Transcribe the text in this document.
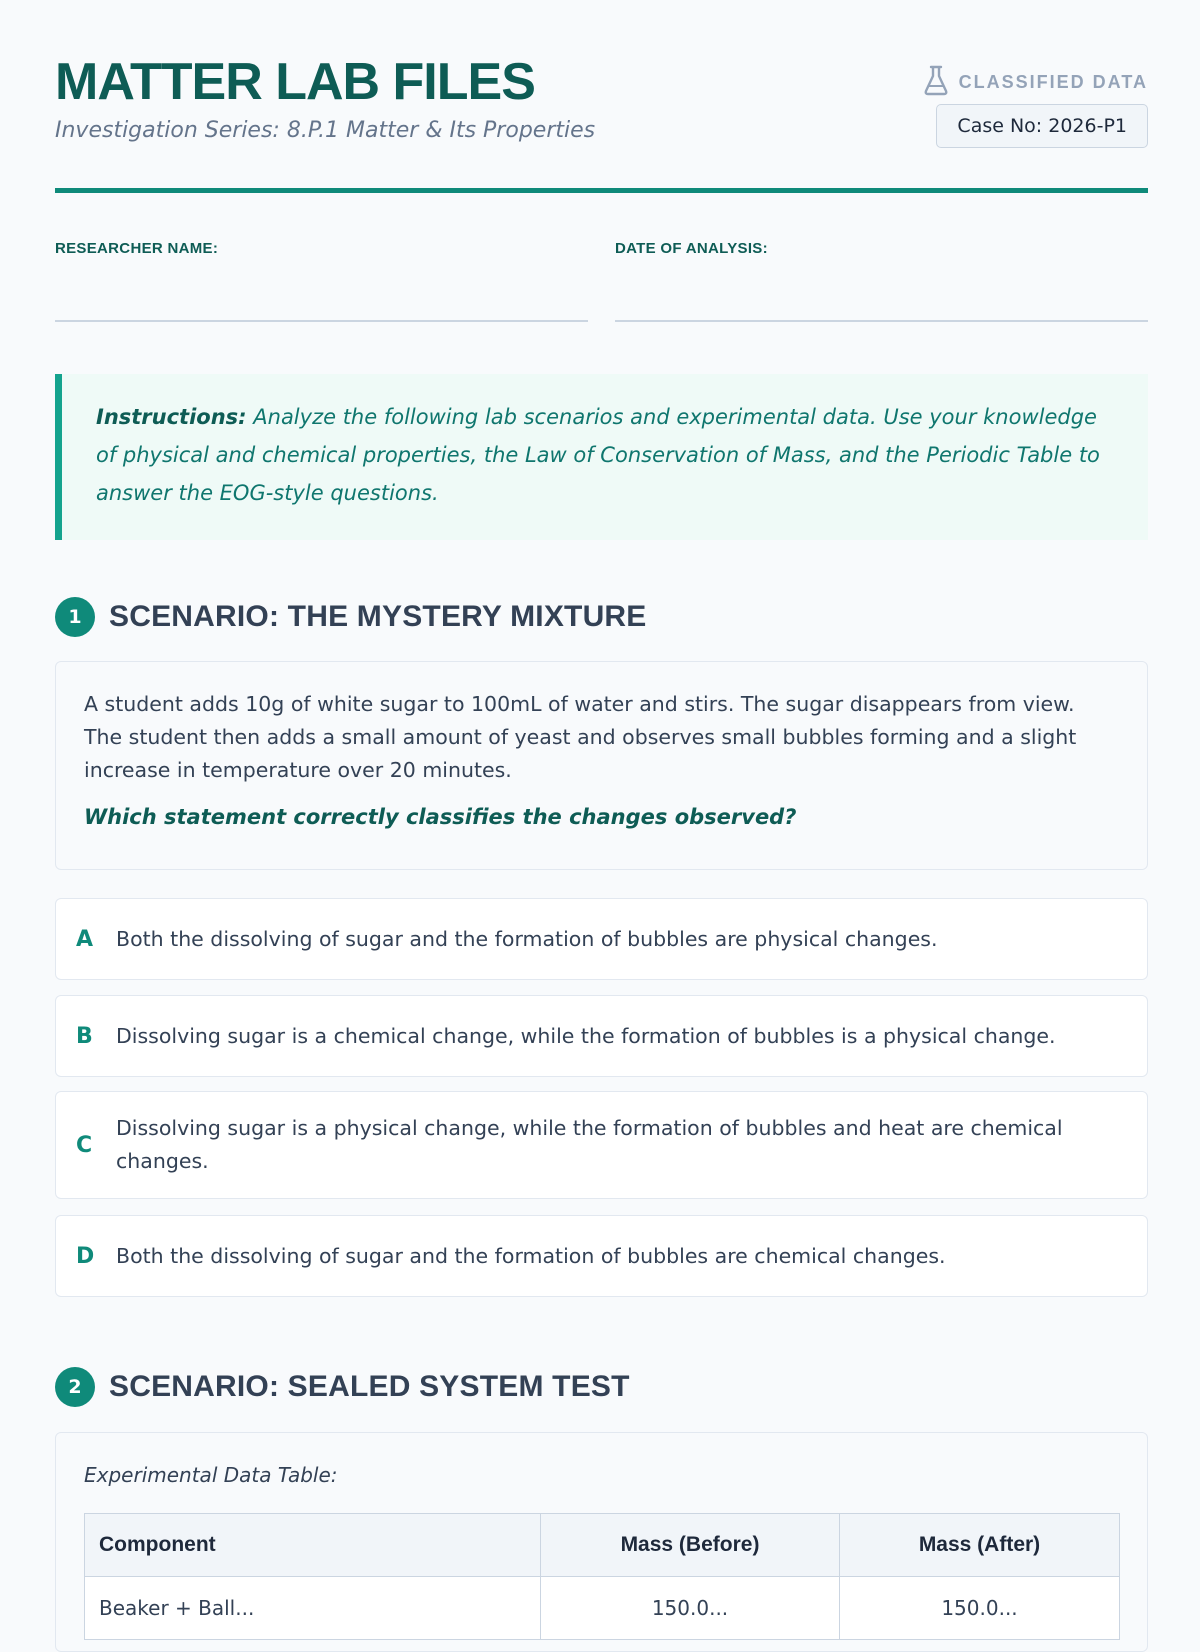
MATTER LAB FILES
Investigation Series: 8.P.1 Matter & Its Properties
CLASSIFIED DATA
Case No: 2026-P1
RESEARCHER NAME:	DATE OF ANALYSIS:
Instructions: Analyze the following lab scenarios and experimental data. Use your knowledge of physical and chemical properties, the Law of Conservation of Mass, and the Periodic Table to answer the EOG-style questions.
1 SCENARIO: THE MYSTERY MIXTURE

A student adds 10g of white sugar to 100mL of water and stirs. The sugar disappears from view. The student then adds a small amount of yeast and observes small bubbles forming and a slight increase in temperature over 20 minutes.

Which statement correctly classifies the changes observed?
A	Both the dissolving of sugar and the formation of bubbles are physical changes.
B	Dissolving sugar is a chemical change, while the formation of bubbles is a physical change.
C
Dissolving sugar is a physical change, while the formation of bubbles and heat are chemical changes.
D	Both the dissolving of sugar and the formation of bubbles are chemical changes.
2 SCENARIO: SEALED SYSTEM TEST
Experimental Data Table:
Component	Mass (Before)	Mass (After)
Beaker + Ball...	150.0...	150.0...
